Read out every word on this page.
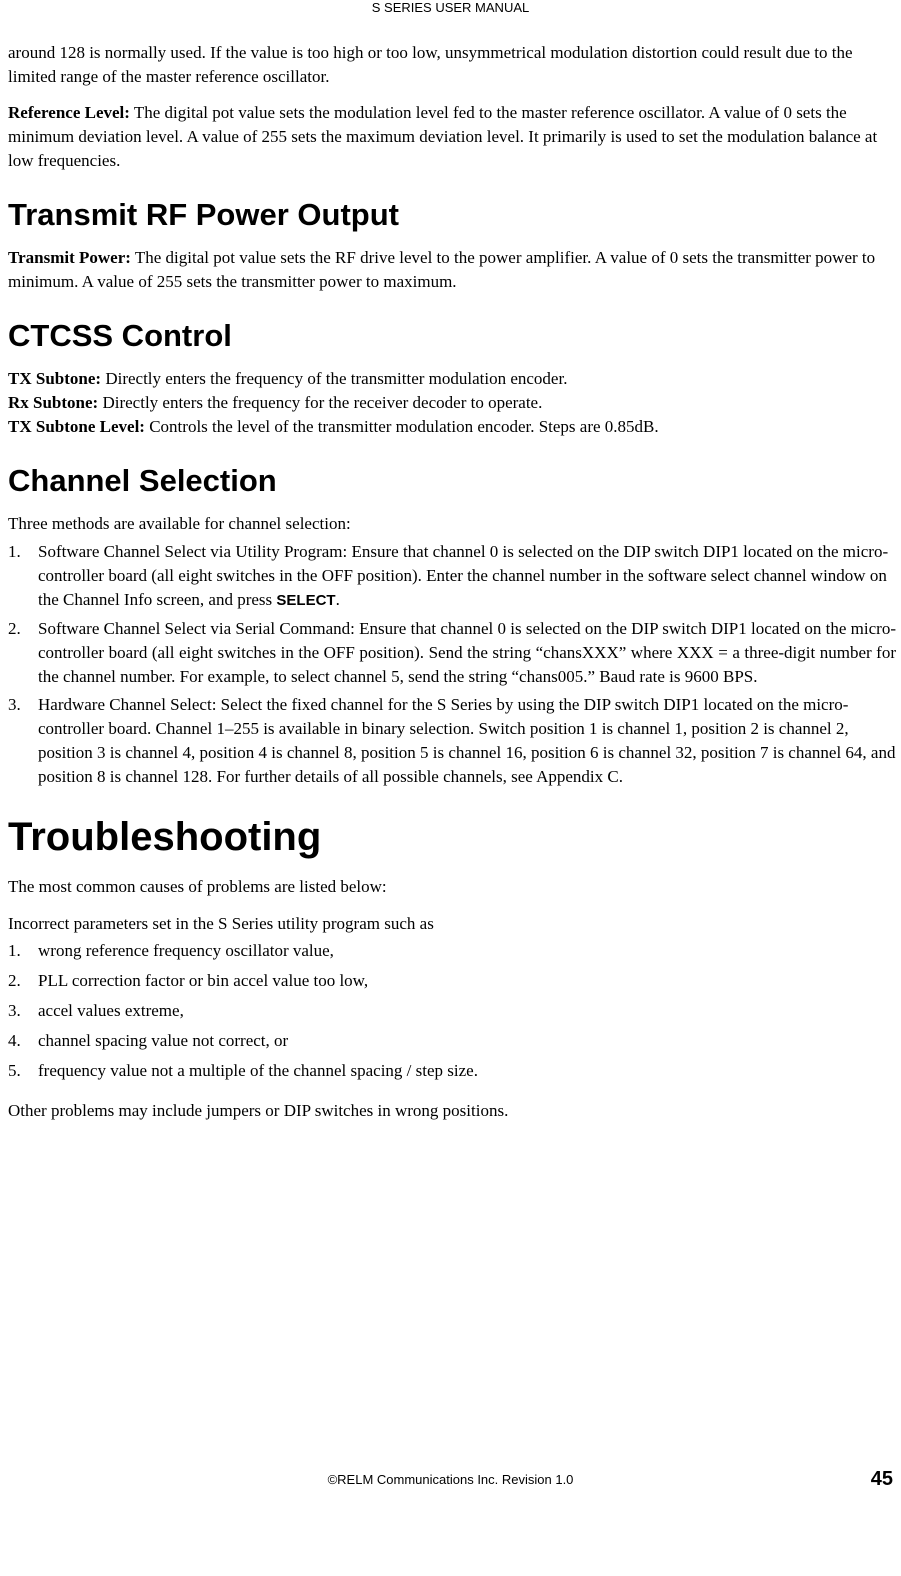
S SERIES USER MANUAL

around 128 is normally used. If the value is too high or too low, unsymmetrical modulation distortion could result due to the limited range of the master reference oscillator.

Reference Level: The digital pot value sets the modulation level fed to the master reference oscillator. A value of 0 sets the minimum deviation level. A value of 255 sets the maximum deviation level. It primarily is used to set the modulation balance at low frequencies.

Transmit RF Power Output

Transmit Power: The digital pot value sets the RF drive level to the power amplifier. A value of 0 sets the transmitter power to minimum. A value of 255 sets the transmitter power to maximum.

CTCSS Control

TX Subtone: Directly enters the frequency of the transmitter modulation encoder.

Rx Subtone: Directly enters the frequency for the receiver decoder to operate.

TX Subtone Level: Controls the level of the transmitter modulation encoder. Steps are 0.85dB.

Channel Selection

Three methods are available for channel selection:

1. Software Channel Select via Utility Program: Ensure that channel 0 is selected on the DIP switch DIP1 located on the micro-controller board (all eight switches in the OFF position). Enter the channel number in the software select channel window on the Channel Info screen, and press SELECT.
2. Software Channel Select via Serial Command: Ensure that channel 0 is selected on the DIP switch DIP1 located on the micro-controller board (all eight switches in the OFF position). Send the string “chansXXX” where XXX = a three-digit number for the channel number. For example, to select channel 5, send the string “chans005.” Baud rate is 9600 BPS.
3. Hardware Channel Select: Select the fixed channel for the S Series by using the DIP switch DIP1 located on the micro-controller board. Channel 1–255 is available in binary selection. Switch position 1 is channel 1, position 2 is channel 2, position 3 is channel 4, position 4 is channel 8, position 5 is channel 16, position 6 is channel 32, position 7 is channel 64, and position 8 is channel 128. For further details of all possible channels, see Appendix C.
Troubleshooting

The most common causes of problems are listed below:

Incorrect parameters set in the S Series utility program such as

1. wrong reference frequency oscillator value,
2. PLL correction factor or bin accel value too low,
3. accel values extreme,
4. channel spacing value not correct, or
5. frequency value not a multiple of the channel spacing / step size.

Other problems may include jumpers or DIP switches in wrong positions.

©RELM Communications Inc. Revision 1.0	45
